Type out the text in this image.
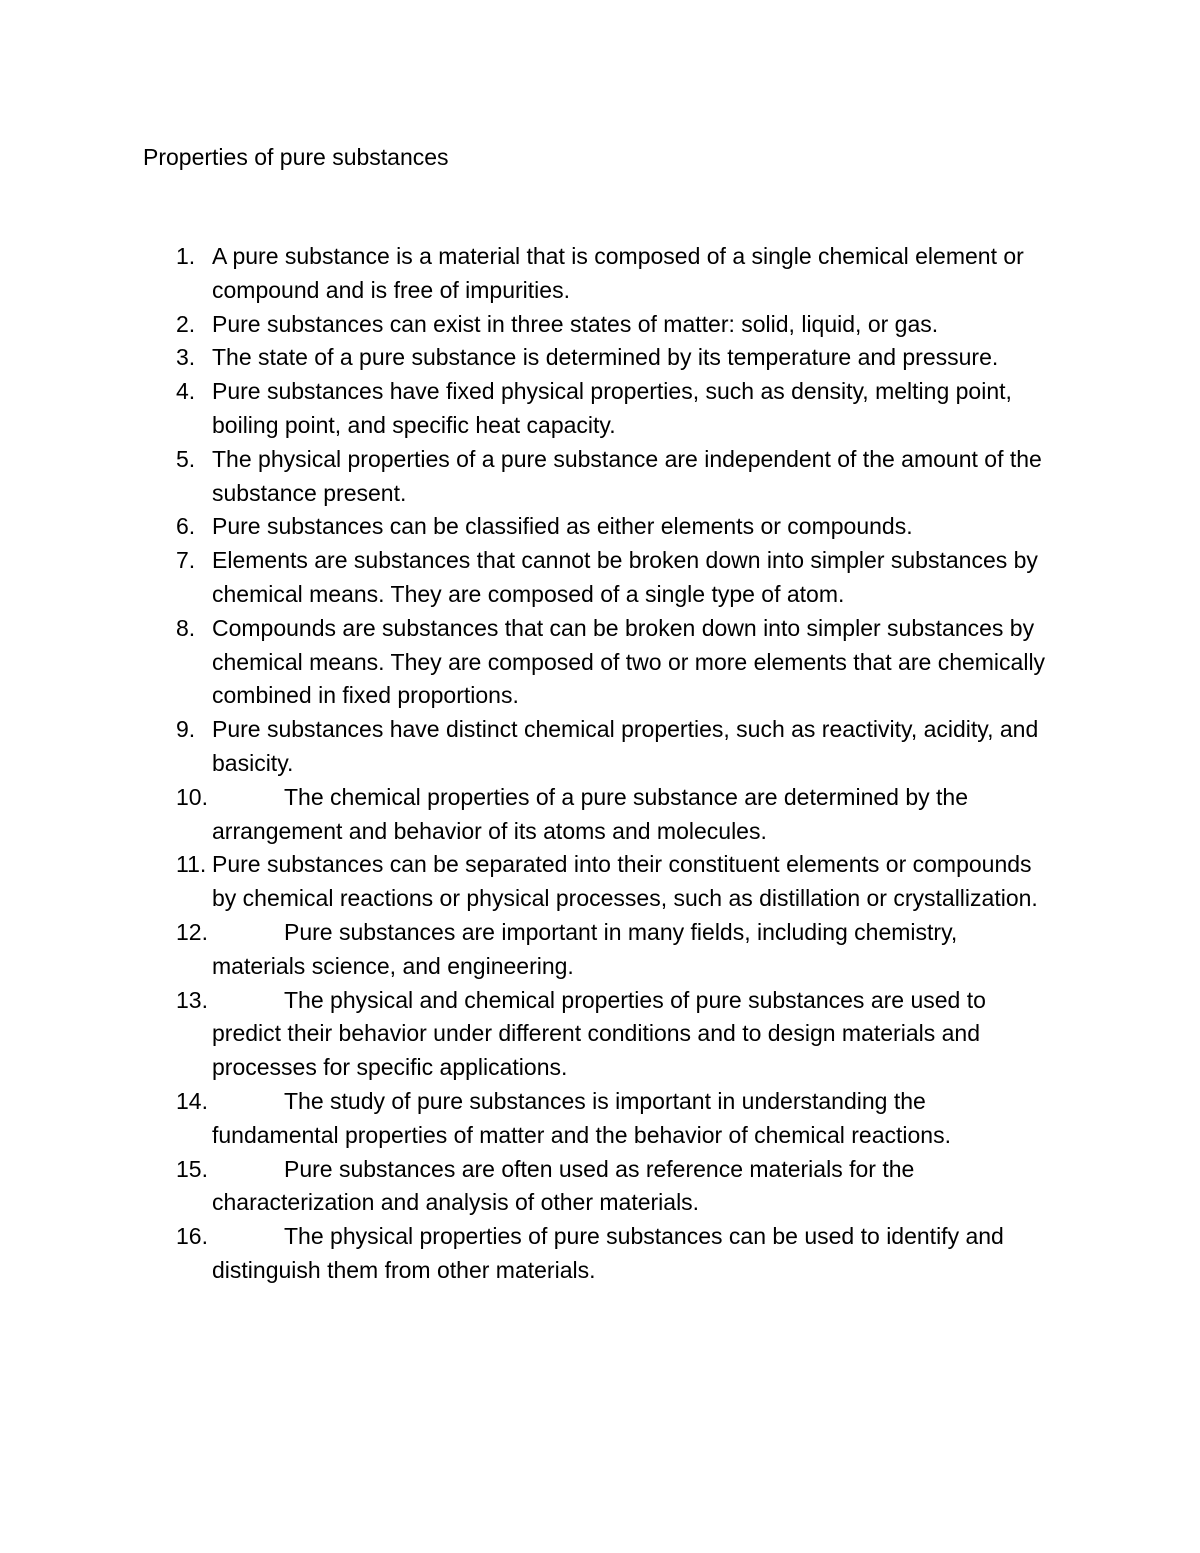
Properties of pure substances
1. A pure substance is a material that is composed of a single chemical element or compound and is free of impurities.
2. Pure substances can exist in three states of matter: solid, liquid, or gas.
3. The state of a pure substance is determined by its temperature and pressure.
4. Pure substances have fixed physical properties, such as density, melting point, boiling point, and specific heat capacity.
5. The physical properties of a pure substance are independent of the amount of the substance present.
6. Pure substances can be classified as either elements or compounds.
7. Elements are substances that cannot be broken down into simpler substances by chemical means. They are composed of a single type of atom.
8. Compounds are substances that can be broken down into simpler substances by chemical means. They are composed of two or more elements that are chemically combined in fixed proportions.
9. Pure substances have distinct chemical properties, such as reactivity, acidity, and basicity.
10.	The chemical properties of a pure substance are determined by the arrangement and behavior of its atoms and molecules.
11. Pure substances can be separated into their constituent elements or compounds by chemical reactions or physical processes, such as distillation or crystallization.
12.	Pure substances are important in many fields, including chemistry, materials science, and engineering.
13.	The physical and chemical properties of pure substances are used to predict their behavior under different conditions and to design materials and processes for specific applications.
14.	The study of pure substances is important in understanding the fundamental properties of matter and the behavior of chemical reactions.
15.	Pure substances are often used as reference materials for the characterization and analysis of other materials.
16.	The physical properties of pure substances can be used to identify and distinguish them from other materials.
